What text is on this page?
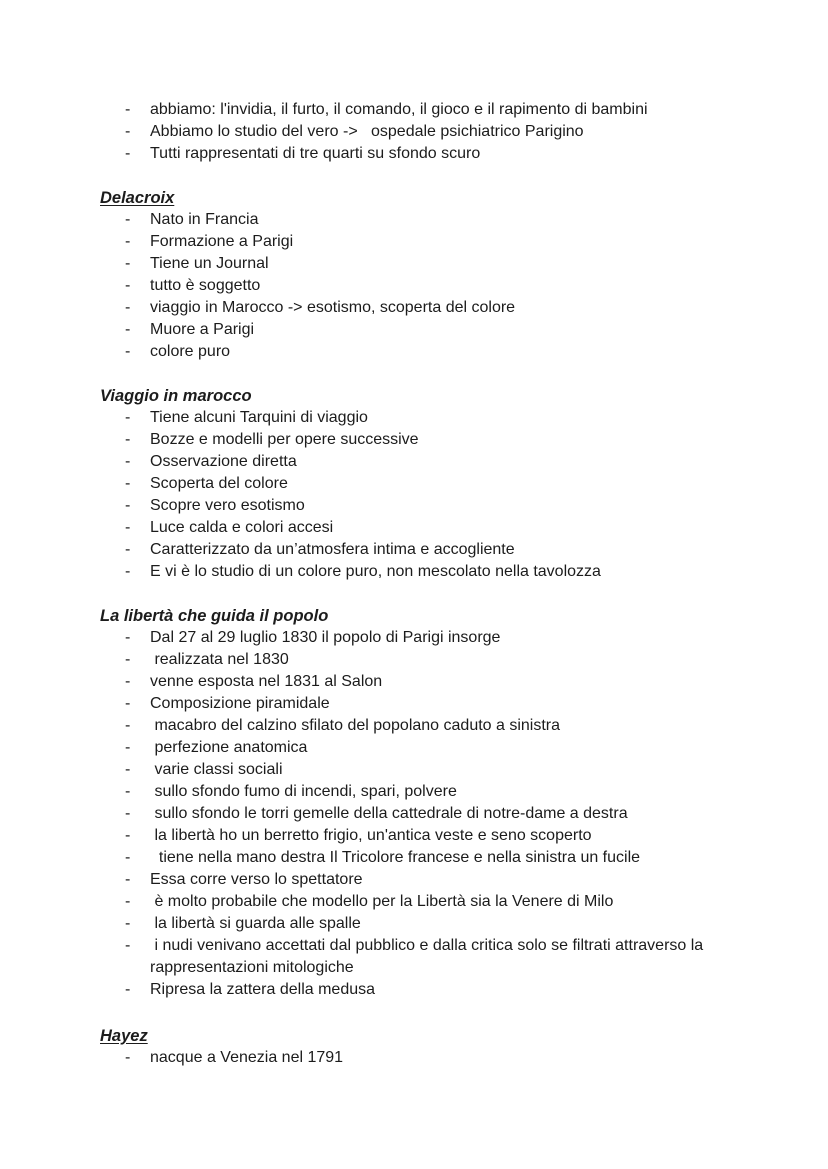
- abbiamo: l'invidia, il furto, il comando, il gioco e il rapimento di bambini
- Abbiamo lo studio del vero ->   ospedale psichiatrico Parigino
- Tutti rappresentati di tre quarti su sfondo scuro
Delacroix
- Nato in Francia
- Formazione a Parigi
- Tiene un Journal
- tutto è soggetto
- viaggio in Marocco -> esotismo, scoperta del colore
- Muore a Parigi
- colore puro
Viaggio in marocco
- Tiene alcuni Tarquini di viaggio
- Bozze e modelli per opere successive
- Osservazione diretta
- Scoperta del colore
- Scopre vero esotismo
- Luce calda e colori accesi
- Caratterizzato da un’atmosfera intima e accogliente
- E vi è lo studio di un colore puro, non mescolato nella tavolozza
La libertà che guida il popolo
- Dal 27 al 29 luglio 1830 il popolo di Parigi insorge
- realizzata nel 1830
- venne esposta nel 1831 al Salon
- Composizione piramidale
- macabro del calzino sfilato del popolano caduto a sinistra
- perfezione anatomica
- varie classi sociali
- sullo sfondo fumo di incendi, spari, polvere
- sullo sfondo le torri gemelle della cattedrale di notre-dame a destra
- la libertà ho un berretto frigio, un'antica veste e seno scoperto
- tiene nella mano destra Il Tricolore francese e nella sinistra un fucile
- Essa corre verso lo spettatore
- è molto probabile che modello per la Libertà sia la Venere di Milo
- la libertà si guarda alle spalle
- i nudi venivano accettati dal pubblico e dalla critica solo se filtrati attraverso la rappresentazioni mitologiche
- Ripresa la zattera della medusa
Hayez
- nacque a Venezia nel 1791
